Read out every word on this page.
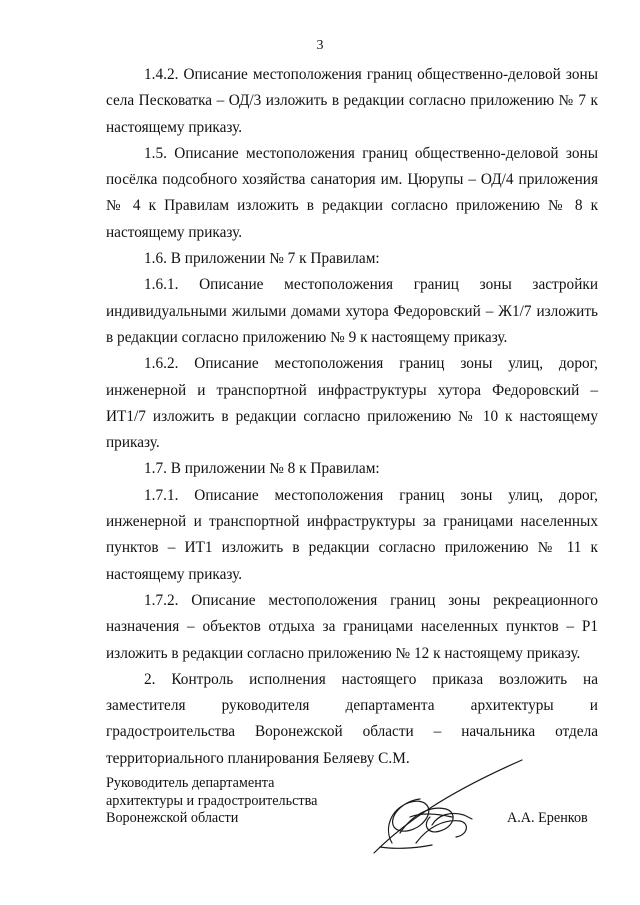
3

1.4.2. Описание местоположения границ общественно-деловой зоны села Песковатка – ОД/3 изложить в редакции согласно приложению № 7 к настоящему приказу.

1.5. Описание местоположения границ общественно-деловой зоны посёлка подсобного хозяйства санатория им. Цюрупы – ОД/4 приложения № 4 к Правилам изложить в редакции согласно приложению № 8 к настоящему приказу.

1.6. В приложении № 7 к Правилам:

1.6.1. Описание местоположения границ зоны застройки индивидуальными жилыми домами хутора Федоровский – Ж1/7 изложить в редакции согласно приложению № 9 к настоящему приказу.

1.6.2. Описание местоположения границ зоны улиц, дорог, инженерной и транспортной инфраструктуры хутора Федоровский – ИТ1/7 изложить в редакции согласно приложению № 10 к настоящему приказу.

1.7. В приложении № 8 к Правилам:

1.7.1. Описание местоположения границ зоны улиц, дорог, инженерной и транспортной инфраструктуры за границами населенных пунктов – ИТ1 изложить в редакции согласно приложению № 11 к настоящему приказу.

1.7.2. Описание местоположения границ зоны рекреационного назначения – объектов отдыха за границами населенных пунктов – Р1 изложить в редакции согласно приложению № 12 к настоящему приказу.

2. Контроль исполнения настоящего приказа возложить на заместителя руководителя департамента архитектуры и градостроительства Воронежской области – начальника отдела территориального планирования Беляеву С.М.

Руководитель департамента
архитектуры и градостроительства
Воронежской области	А.А. Еренков
